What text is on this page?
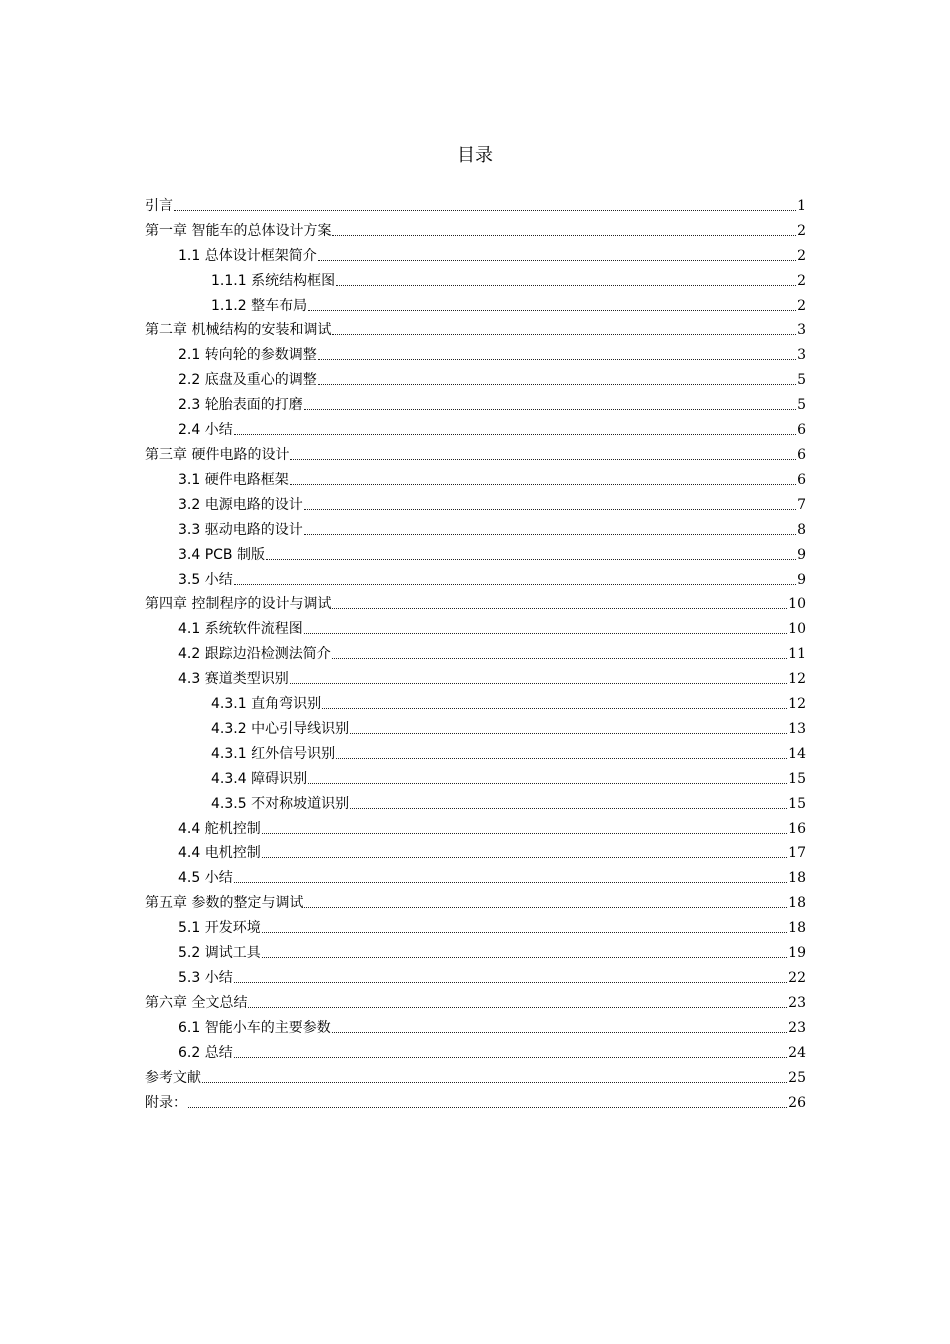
目录
引言	1
第一章 智能车的总体设计方案	2
1.1 总体设计框架简介	2
1.1.1 系统结构框图	2
1.1.2 整车布局	2
第二章 机械结构的安装和调试	3
2.1 转向轮的参数调整	3
2.2 底盘及重心的调整	5
2.3 轮胎表面的打磨	5
2.4 小结	6
第三章 硬件电路的设计	6
3.1 硬件电路框架	6
3.2 电源电路的设计	7
3.3 驱动电路的设计	8
3.4 PCB 制版	9
3.5 小结	9
第四章 控制程序的设计与调试	10
4.1 系统软件流程图	10
4.2 跟踪边沿检测法简介	11
4.3 赛道类型识别	12
4.3.1 直角弯识别	12
4.3.2 中心引导线识别	13
4.3.1 红外信号识别	14
4.3.4 障碍识别	15
4.3.5 不对称坡道识别	15
4.4 舵机控制	16
4.4 电机控制	17
4.5 小结	18
第五章 参数的整定与调试	18
5.1 开发环境	18
5.2 调试工具	19
5.3 小结	22
第六章 全文总结	23
6.1 智能小车的主要参数	23
6.2 总结	24
参考文献	25
附录：	26
